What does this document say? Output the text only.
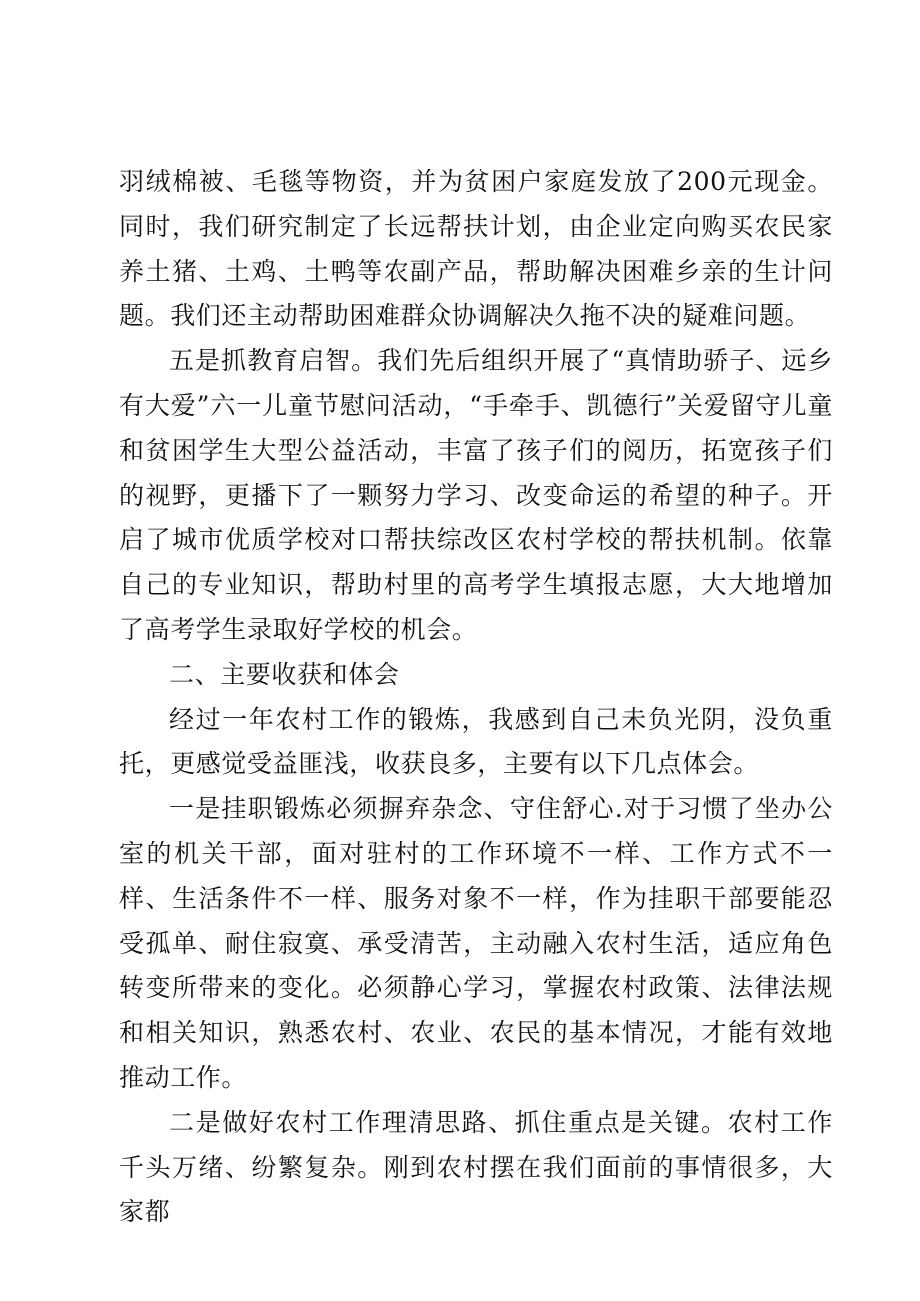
羽绒棉被、毛毯等物资，并为贫困户家庭发放了200元现金。同时，我们研究制定了长远帮扶计划，由企业定向购买农民家养土猪、土鸡、土鸭等农副产品，帮助解决困难乡亲的生计问题。我们还主动帮助困难群众协调解决久拖不决的疑难问题。

五是抓教育启智。我们先后组织开展了“真情助骄子、远乡有大爱”六一儿童节慰问活动，“手牵手、凯德行”关爱留守儿童和贫困学生大型公益活动，丰富了孩子们的阅历，拓宽孩子们的视野，更播下了一颗努力学习、改变命运的希望的种子。开启了城市优质学校对口帮扶综改区农村学校的帮扶机制。依靠自己的专业知识，帮助村里的高考学生填报志愿，大大地增加了高考学生录取好学校的机会。

二、主要收获和体会

经过一年农村工作的锻炼，我感到自己未负光阴，没负重托，更感觉受益匪浅，收获良多，主要有以下几点体会。

一是挂职锻炼必须摒弃杂念、守住舒心.对于习惯了坐办公室的机关干部，面对驻村的工作环境不一样、工作方式不一样、生活条件不一样、服务对象不一样，作为挂职干部要能忍受孤单、耐住寂寞、承受清苦，主动融入农村生活，适应角色转变所带来的变化。必须静心学习，掌握农村政策、法律法规和相关知识，熟悉农村、农业、农民的基本情况，才能有效地推动工作。

二是做好农村工作理清思路、抓住重点是关键。农村工作千头万绪、纷繁复杂。刚到农村摆在我们面前的事情很多，大家都
